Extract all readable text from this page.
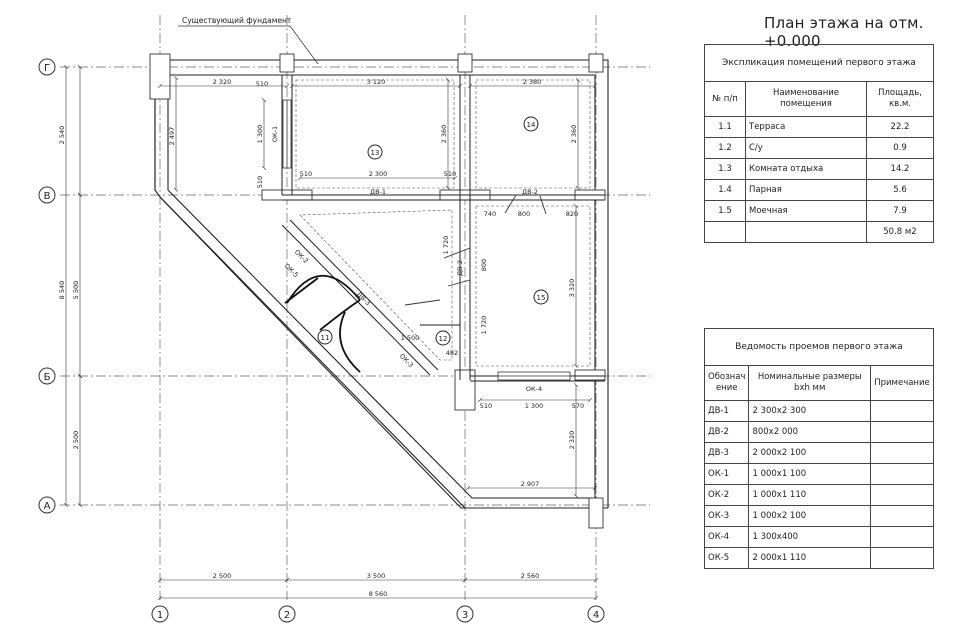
Г
В
Б
А
1	2	3	4
Существующий фундамент
2 320	3 120	2 380
510
2 300
510	510
2 500	3 500	2 560
8 560
2 907
510	1 300	570
740	800	820
1 500
482
2 540
8 540 5 500
2 500
2 497	1 300
510
2 360	2 360
1 720
800
1 720
3 320
2 320
ДВ-1	ДВ-2
ДВ-2
ДВ-3
ОК-1
ОК-2
ОК-3
ОК-4
ОК-5
11	12
13
14
15
План этажа на отм. +0.000
Экспликация помещений первого этажа		
№ п/п	Наименование помещения	Площадь, кв.м.
1.1	Терраса	22.2
1.2	С/у	0.9
1.3	Комната отдыха	14.2
1.4	Парная	5.6
1.5	Моечная	7.9
		50.8 м2
Ведомость проемов первого этажа		
Обознач ение	Номинальные размеры bxh мм	Примечание
ДВ-1	2 300x2 300	
ДВ-2	800x2 000	
ДВ-3	2 000x2 100	
ОК-1	1 000x1 100	
ОК-2	1 000x1 110	
ОК-3	1 000x2 100	
ОК-4	1 300x400	
ОК-5	2 000x1 110	
